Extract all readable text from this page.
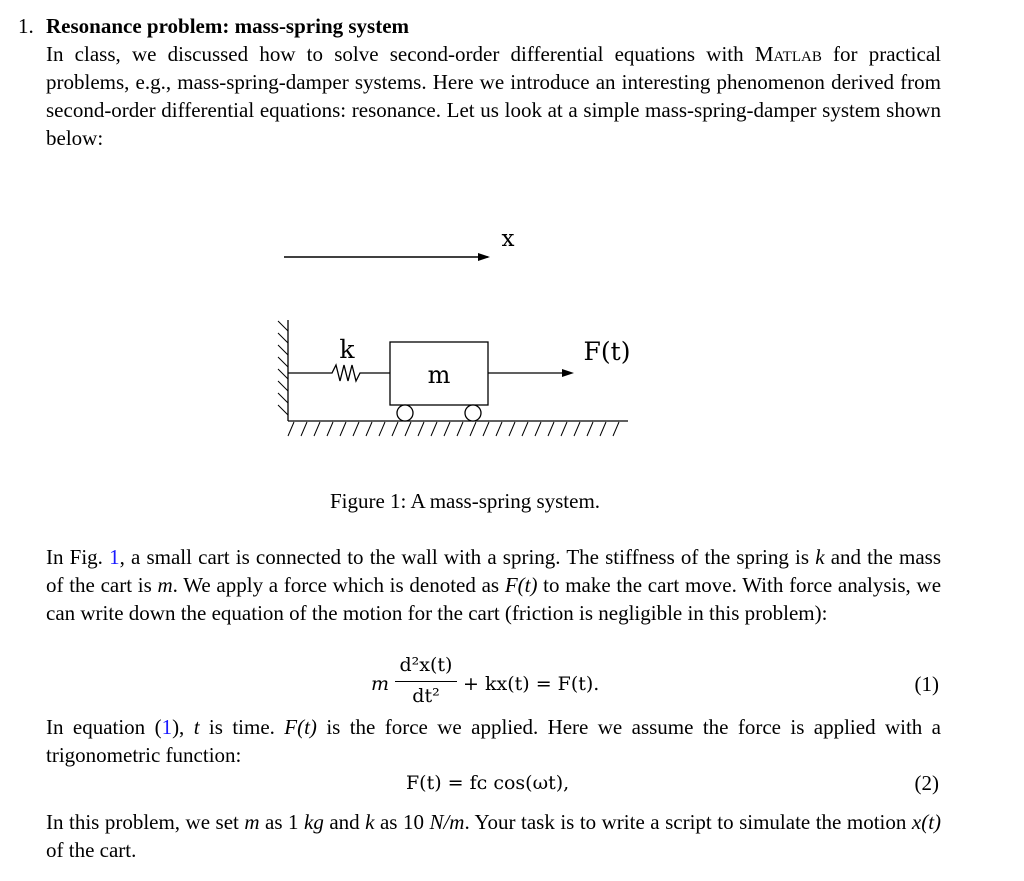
1. Resonance problem: mass-spring system
In class, we discussed how to solve second-order differential equations with Matlab for practical problems, e.g., mass-spring-damper systems. Here we introduce an interesting phenomenon derived from second-order differential equations: resonance. Let us look at a simple mass-spring-damper system shown below:
x
k
m
F(t)
Figure 1: A mass-spring system.
In Fig. 1, a small cart is connected to the wall with a spring. The stiffness of the spring is k and the mass of the cart is m. We apply a force which is denoted as F(t) to make the cart move. With force analysis, we can write down the equation of the motion for the cart (friction is negligible in this problem):
m
d²x(t)
dt²
+ kx(t) = F(t).	(1)
In equation (1), t is time. F(t) is the force we applied. Here we assume the force is applied with a trigonometric function:
F(t) = fᴄ cos(ωt),	(2)
In this problem, we set m as 1 kg and k as 10 N/m. Your task is to write a script to simulate the motion x(t) of the cart.
